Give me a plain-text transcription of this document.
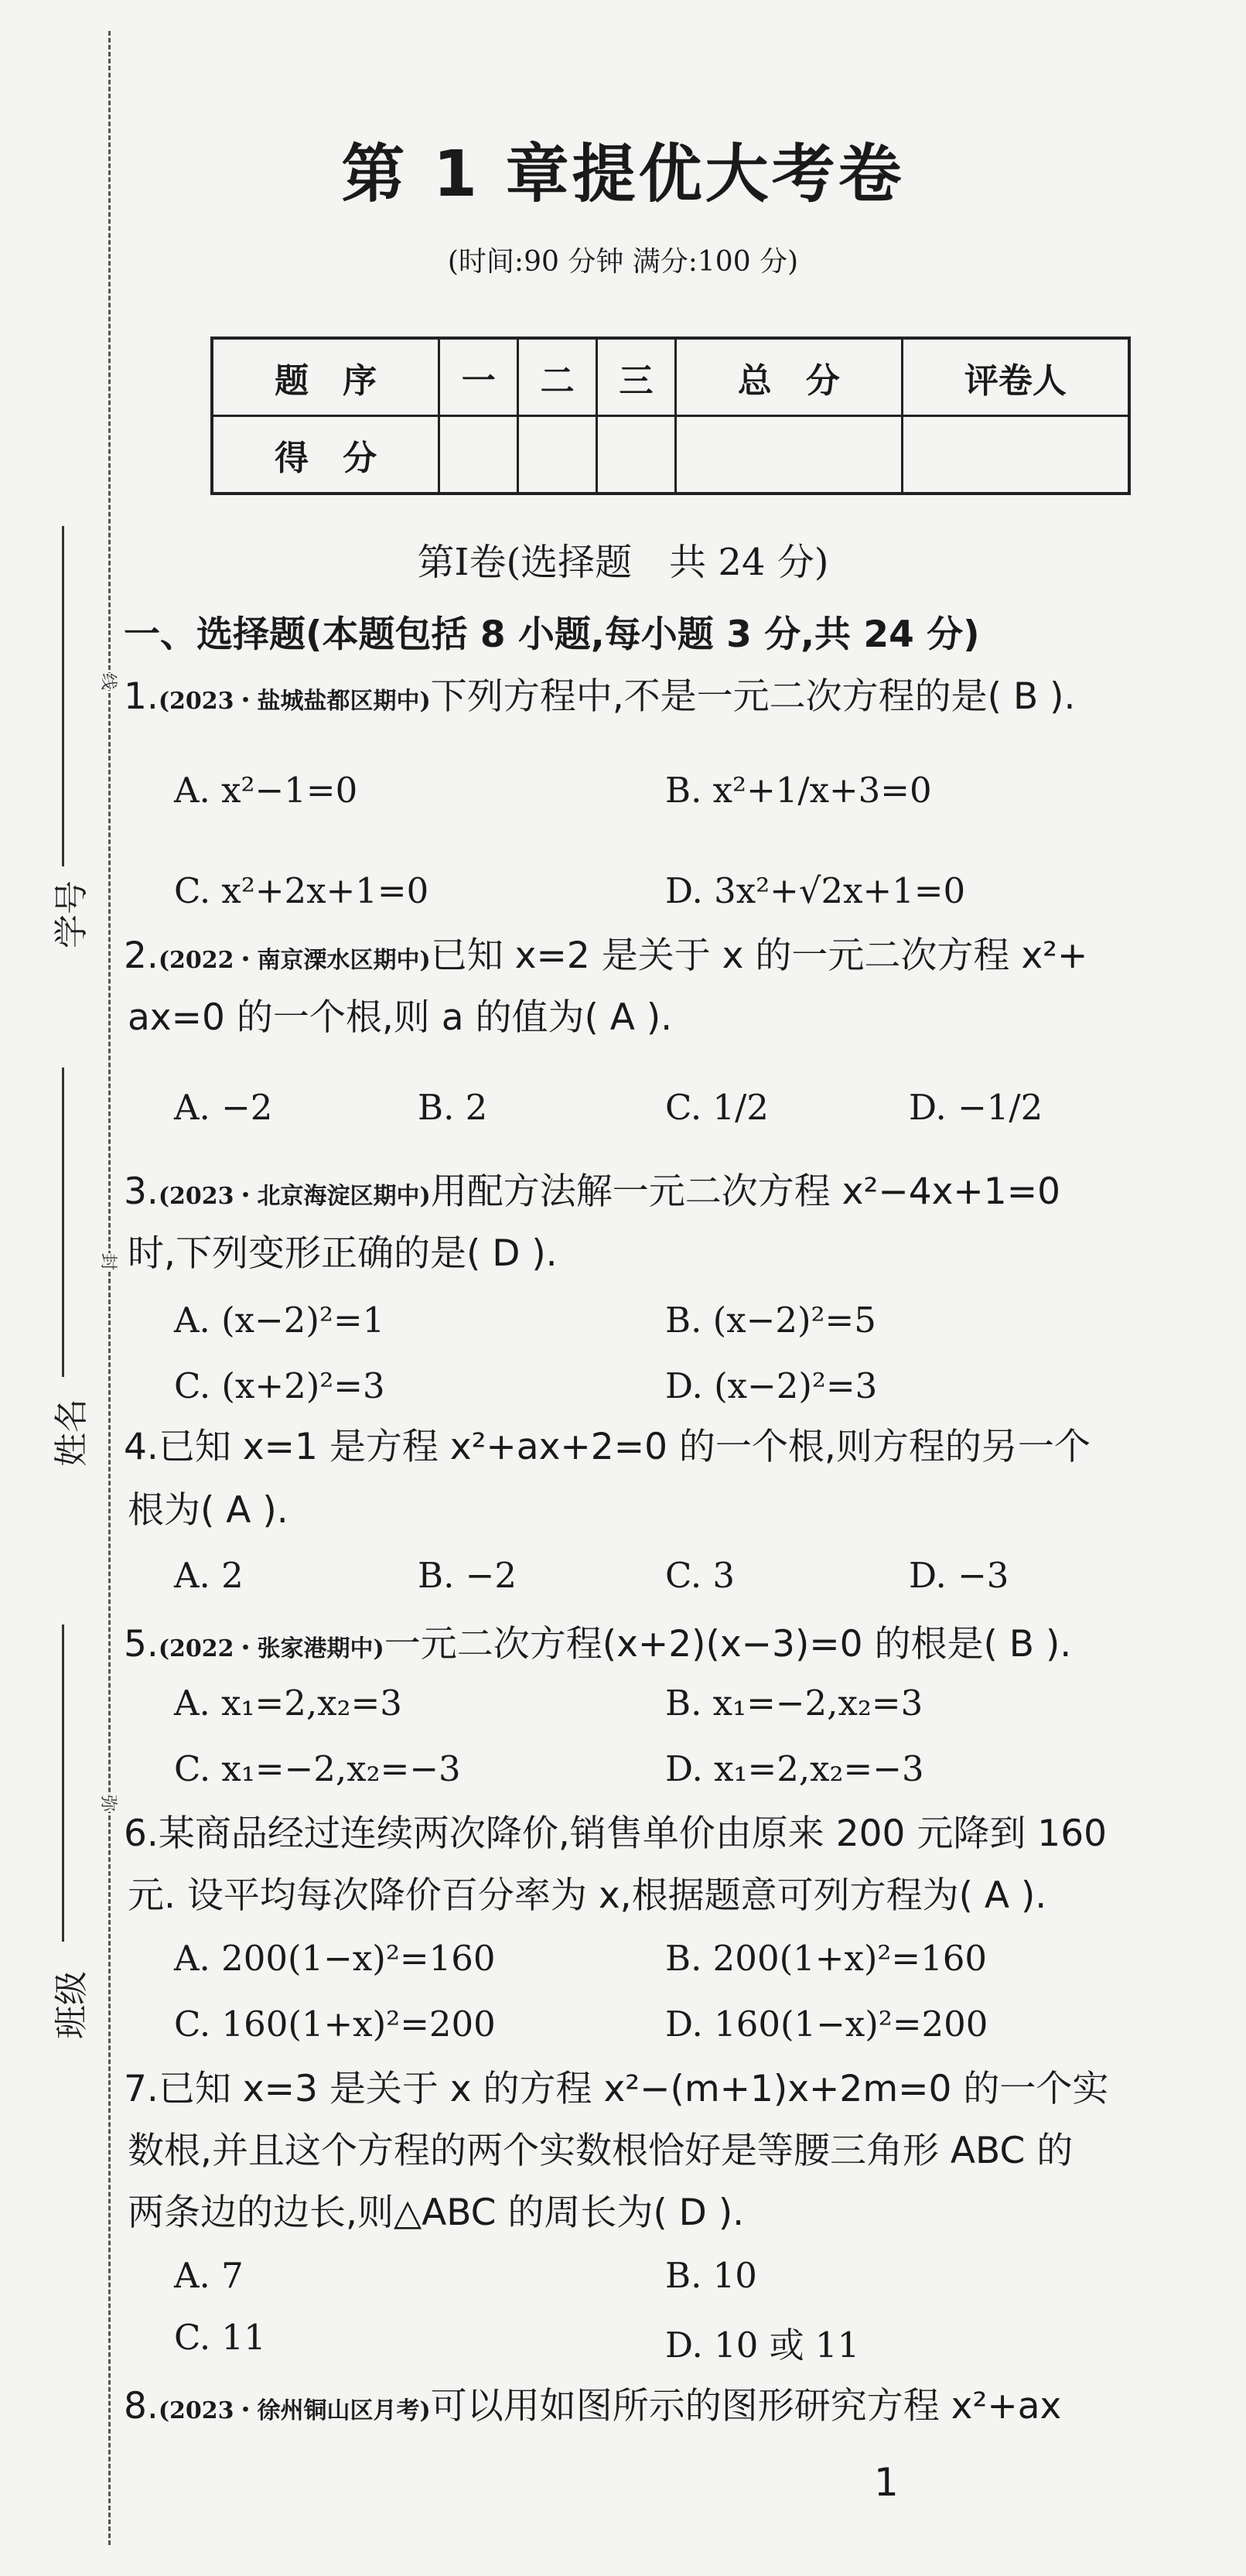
线
封
弥
学号
姓名
班级
第 1 章提优大考卷
(时间:90 分钟 满分:100 分)
题　序	一	二	三	总　分	评卷人
得　分					
第Ⅰ卷(选择题　共 24 分)
一、选择题(本题包括 8 小题,每小题 3 分,共 24 分)
1.(2023・盐城盐都区期中)下列方程中,不是一元二次方程的是( B ).
A. x²−1=0	B. x²+1/x+3=0
C. x²+2x+1=0	D. 3x²+√2x+1=0
2.(2022・南京溧水区期中)已知 x=2 是关于 x 的一元二次方程 x²+
ax=0 的一个根,则 a 的值为( A ).
A. −2	B. 2	C. 1/2	D. −1/2
3.(2023・北京海淀区期中)用配方法解一元二次方程 x²−4x+1=0
时,下列变形正确的是( D ).
A. (x−2)²=1	B. (x−2)²=5
C. (x+2)²=3	D. (x−2)²=3
4.已知 x=1 是方程 x²+ax+2=0 的一个根,则方程的另一个
根为( A ).
A. 2	B. −2	C. 3	D. −3
5.(2022・张家港期中)一元二次方程(x+2)(x−3)=0 的根是( B ).
A. x₁=2,x₂=3	B. x₁=−2,x₂=3
C. x₁=−2,x₂=−3	D. x₁=2,x₂=−3
6.某商品经过连续两次降价,销售单价由原来 200 元降到 160
元. 设平均每次降价百分率为 x,根据题意可列方程为( A ).
A. 200(1−x)²=160	B. 200(1+x)²=160
C. 160(1+x)²=200	D. 160(1−x)²=200
7.已知 x=3 是关于 x 的方程 x²−(m+1)x+2m=0 的一个实
数根,并且这个方程的两个实数根恰好是等腰三角形 ABC 的
两条边的边长,则△ABC 的周长为( D ).
A. 7	B. 10
C. 11	D. 10 或 11
8.(2023・徐州铜山区月考)可以用如图所示的图形研究方程 x²+ax
1
